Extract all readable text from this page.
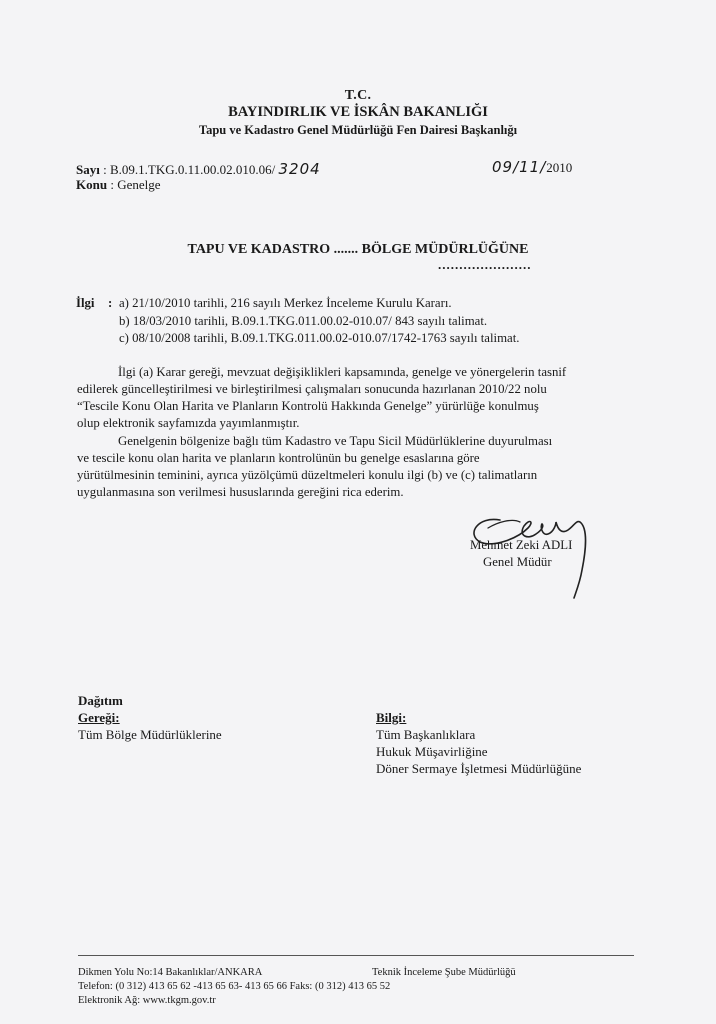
T.C.
BAYINDIRLIK VE İSKÂN BAKANLIĞI
Tapu ve Kadastro Genel Müdürlüğü Fen Dairesi Başkanlığı
Sayı : B.09.1.TKG.0.11.00.02.010.06/ 3204	09/11/2010
Konu : Genelge
TAPU VE KADASTRO ....... BÖLGE MÜDÜRLÜĞÜNE
......................
İlgi : a) 21/10/2010 tarihli, 216 sayılı Merkez İnceleme Kurulu Kararı.
b) 18/03/2010 tarihli, B.09.1.TKG.011.00.02-010.07/ 843 sayılı talimat.
c) 08/10/2008 tarihli, B.09.1.TKG.011.00.02-010.07/1742-1763 sayılı talimat.
İlgi (a) Karar gereği, mevzuat değişiklikleri kapsamında, genelge ve yönergelerin tasnif
edilerek güncelleştirilmesi ve birleştirilmesi çalışmaları sonucunda hazırlanan 2010/22 nolu
“Tescile Konu Olan Harita ve Planların Kontrolü Hakkında Genelge” yürürlüğe konulmuş
olup elektronik sayfamızda yayımlanmıştır.
Genelgenin bölgenize bağlı tüm Kadastro ve Tapu Sicil Müdürlüklerine duyurulması
ve tescile konu olan harita ve planların kontrolünün bu genelge esaslarına göre
yürütülmesinin teminini, ayrıca yüzölçümü düzeltmeleri konulu ilgi (b) ve (c) talimatların
uygulanmasına son verilmesi hususlarında gereğini rica ederim.
Mehmet Zeki ADLI
Genel Müdür
Dağıtım
Gereği:
Tüm Bölge Müdürlüklerine
Bilgi:
Tüm Başkanlıklara
Hukuk Müşavirliğine
Döner Sermaye İşletmesi Müdürlüğüne
Dikmen Yolu No:14 Bakanlıklar/ANKARA	Teknik İnceleme Şube Müdürlüğü
Telefon: (0 312) 413 65 62 -413 65 63- 413 65 66 Faks: (0 312) 413 65 52
Elektronik Ağ: www.tkgm.gov.tr
